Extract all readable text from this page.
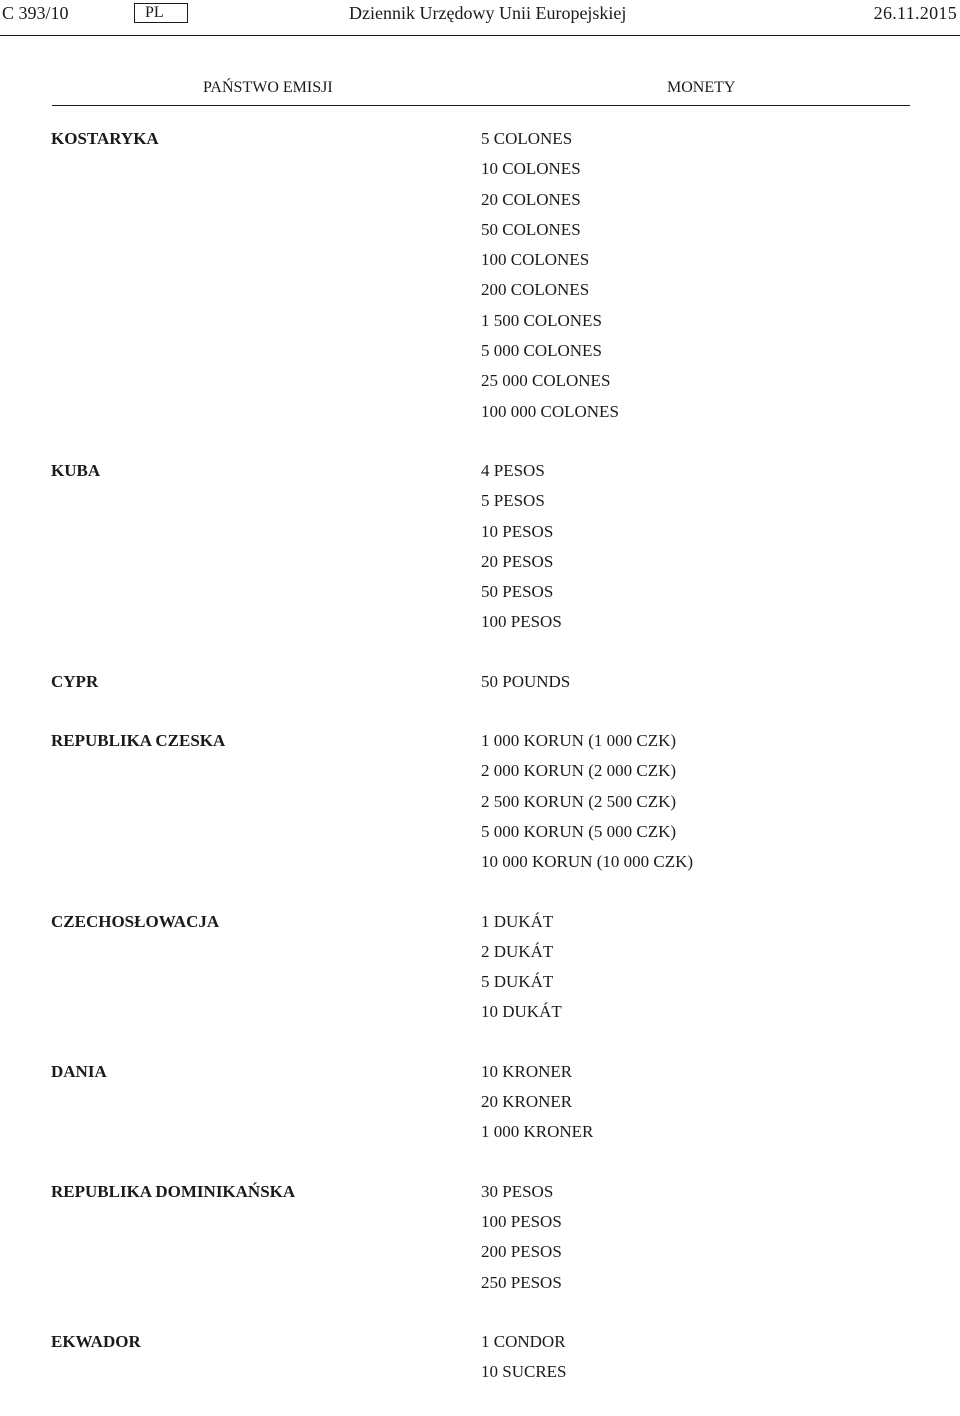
C 393/10	PL	Dziennik Urzędowy Unii Europejskiej	26.11.2015
PAŃSTWO EMISJI	MONETY
KOSTARYKA	5 COLONES
10 COLONES
20 COLONES
50 COLONES
100 COLONES
200 COLONES
1 500 COLONES
5 000 COLONES
25 000 COLONES
100 000 COLONES
KUBA	4 PESOS
5 PESOS
10 PESOS
20 PESOS
50 PESOS
100 PESOS
CYPR	50 POUNDS
REPUBLIKA CZESKA	1 000 KORUN (1 000 CZK)
2 000 KORUN (2 000 CZK)
2 500 KORUN (2 500 CZK)
5 000 KORUN (5 000 CZK)
10 000 KORUN (10 000 CZK)
CZECHOSŁOWACJA	1 DUKÁT
2 DUKÁT
5 DUKÁT
10 DUKÁT
DANIA	10 KRONER
20 KRONER
1 000 KRONER
REPUBLIKA DOMINIKAŃSKA	30 PESOS
100 PESOS
200 PESOS
250 PESOS
EKWADOR	1 CONDOR
10 SUCRES
